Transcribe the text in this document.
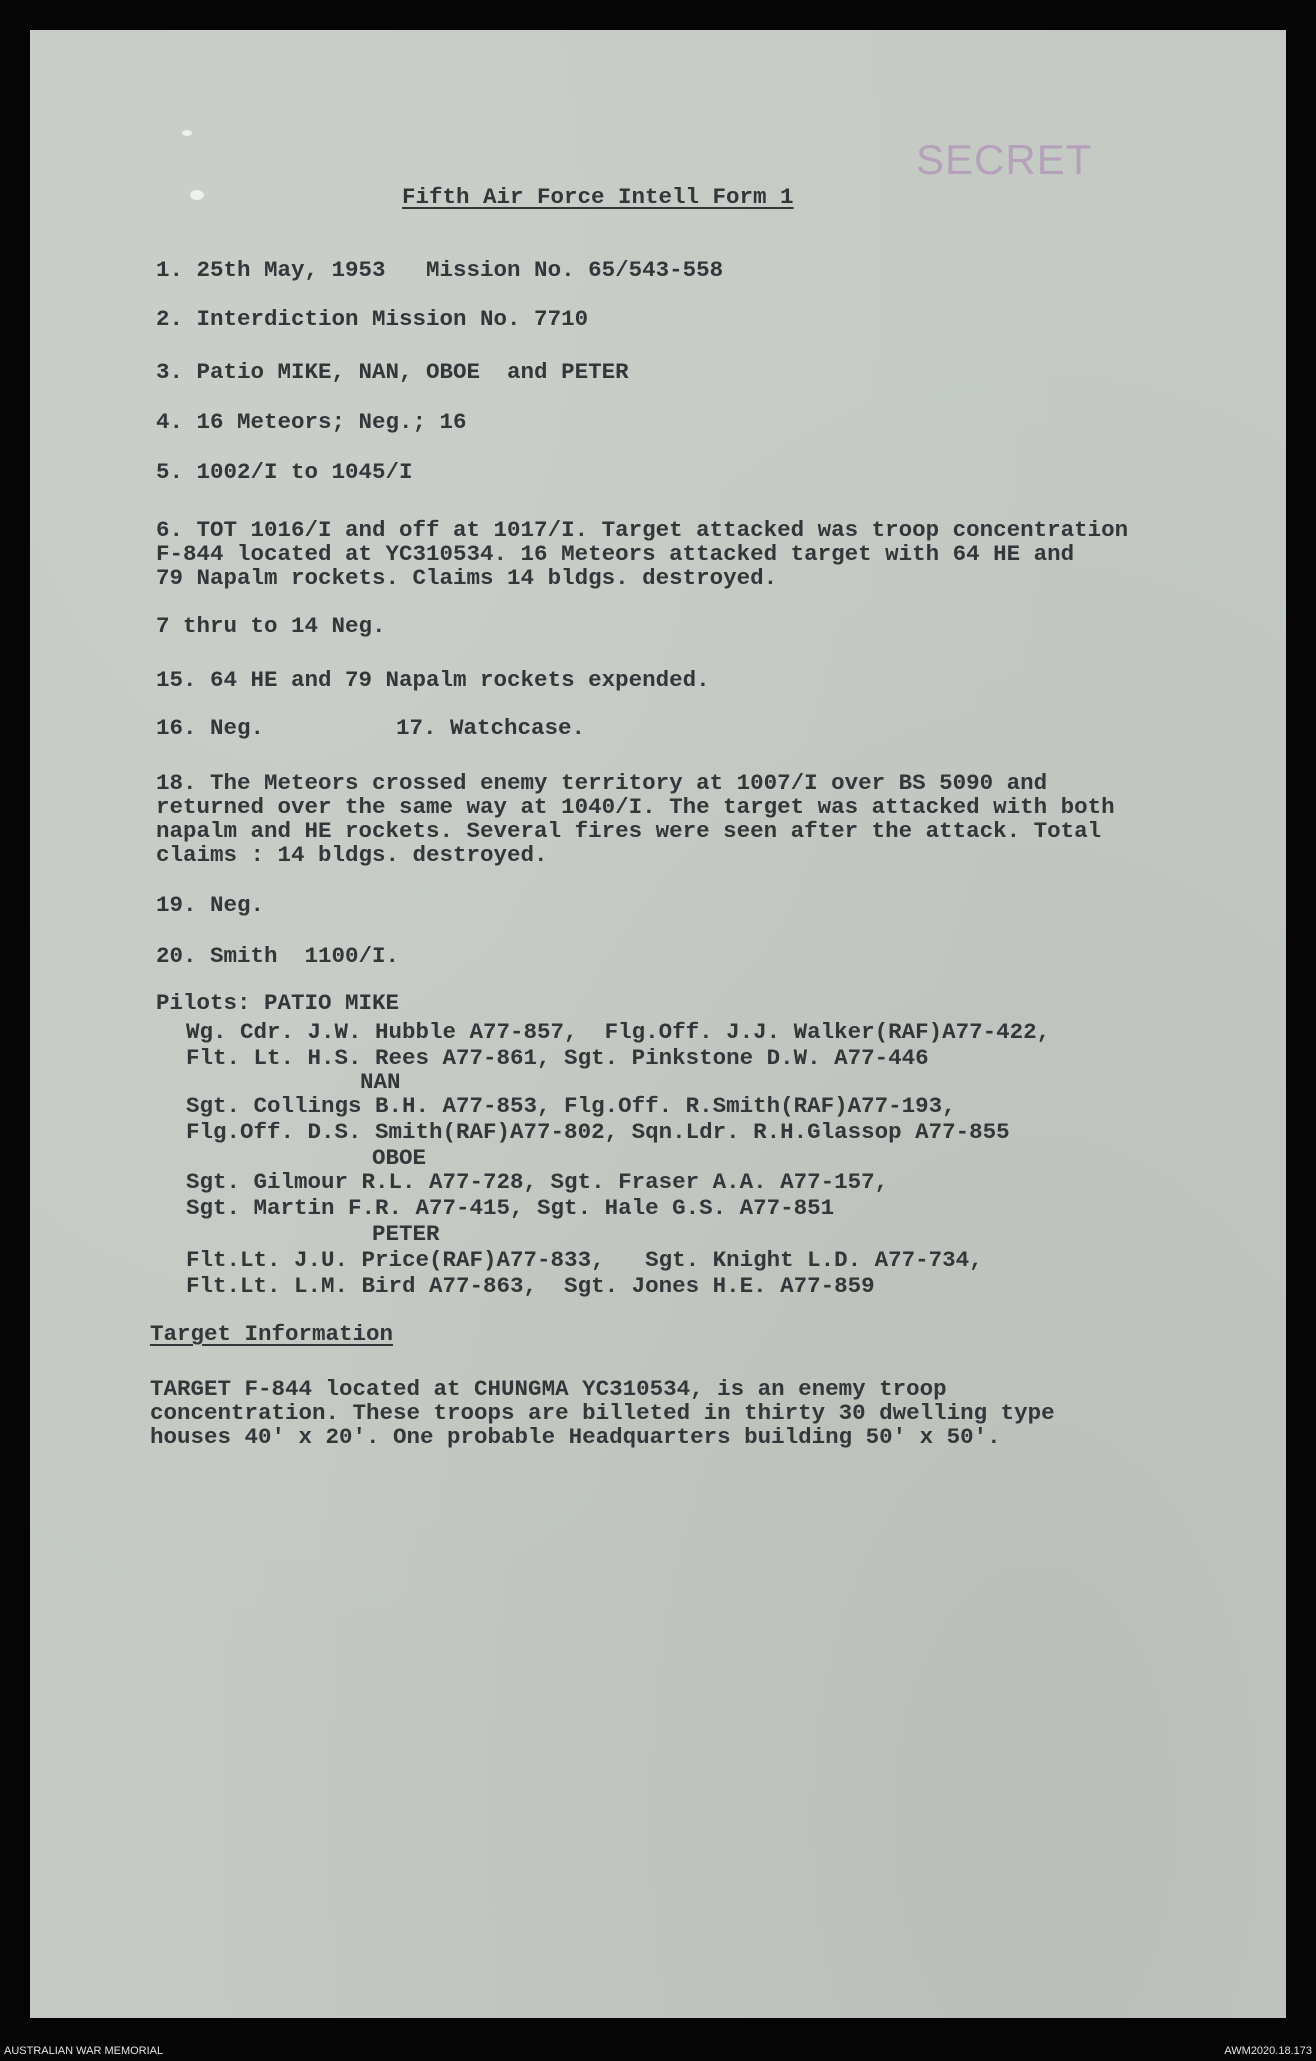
SECRET
Fifth Air Force Intell Form 1
1. 25th May, 1953   Mission No. 65/543-558
2. Interdiction Mission No. 7710
3. Patio MIKE, NAN, OBOE  and PETER
4. 16 Meteors; Neg.; 16
5. 1002/I to 1045/I
6. TOT 1016/I and off at 1017/I. Target attacked was troop concentration
F-844 located at YC310534. 16 Meteors attacked target with 64 HE and
79 Napalm rockets. Claims 14 bldgs. destroyed.
7 thru to 14 Neg.
15. 64 HE and 79 Napalm rockets expended.
16. Neg.	17. Watchcase.
18. The Meteors crossed enemy territory at 1007/I over BS 5090 and
returned over the same way at 1040/I. The target was attacked with both
napalm and HE rockets. Several fires were seen after the attack. Total
claims : 14 bldgs. destroyed.
19. Neg.
20. Smith  1100/I.
Pilots: PATIO MIKE
Wg. Cdr. J.W. Hubble A77-857,  Flg.Off. J.J. Walker(RAF)A77-422,
Flt. Lt. H.S. Rees A77-861, Sgt. Pinkstone D.W. A77-446
NAN
Sgt. Collings B.H. A77-853, Flg.Off. R.Smith(RAF)A77-193,
Flg.Off. D.S. Smith(RAF)A77-802, Sqn.Ldr. R.H.Glassop A77-855
OBOE
Sgt. Gilmour R.L. A77-728, Sgt. Fraser A.A. A77-157,
Sgt. Martin F.R. A77-415, Sgt. Hale G.S. A77-851
PETER
Flt.Lt. J.U. Price(RAF)A77-833,   Sgt. Knight L.D. A77-734,
Flt.Lt. L.M. Bird A77-863,  Sgt. Jones H.E. A77-859
Target Information
TARGET F-844 located at CHUNGMA YC310534, is an enemy troop
concentration. These troops are billeted in thirty 30 dwelling type
houses 40' x 20'. One probable Headquarters building 50' x 50'.
AUSTRALIAN WAR MEMORIAL	AWM2020.18.173
